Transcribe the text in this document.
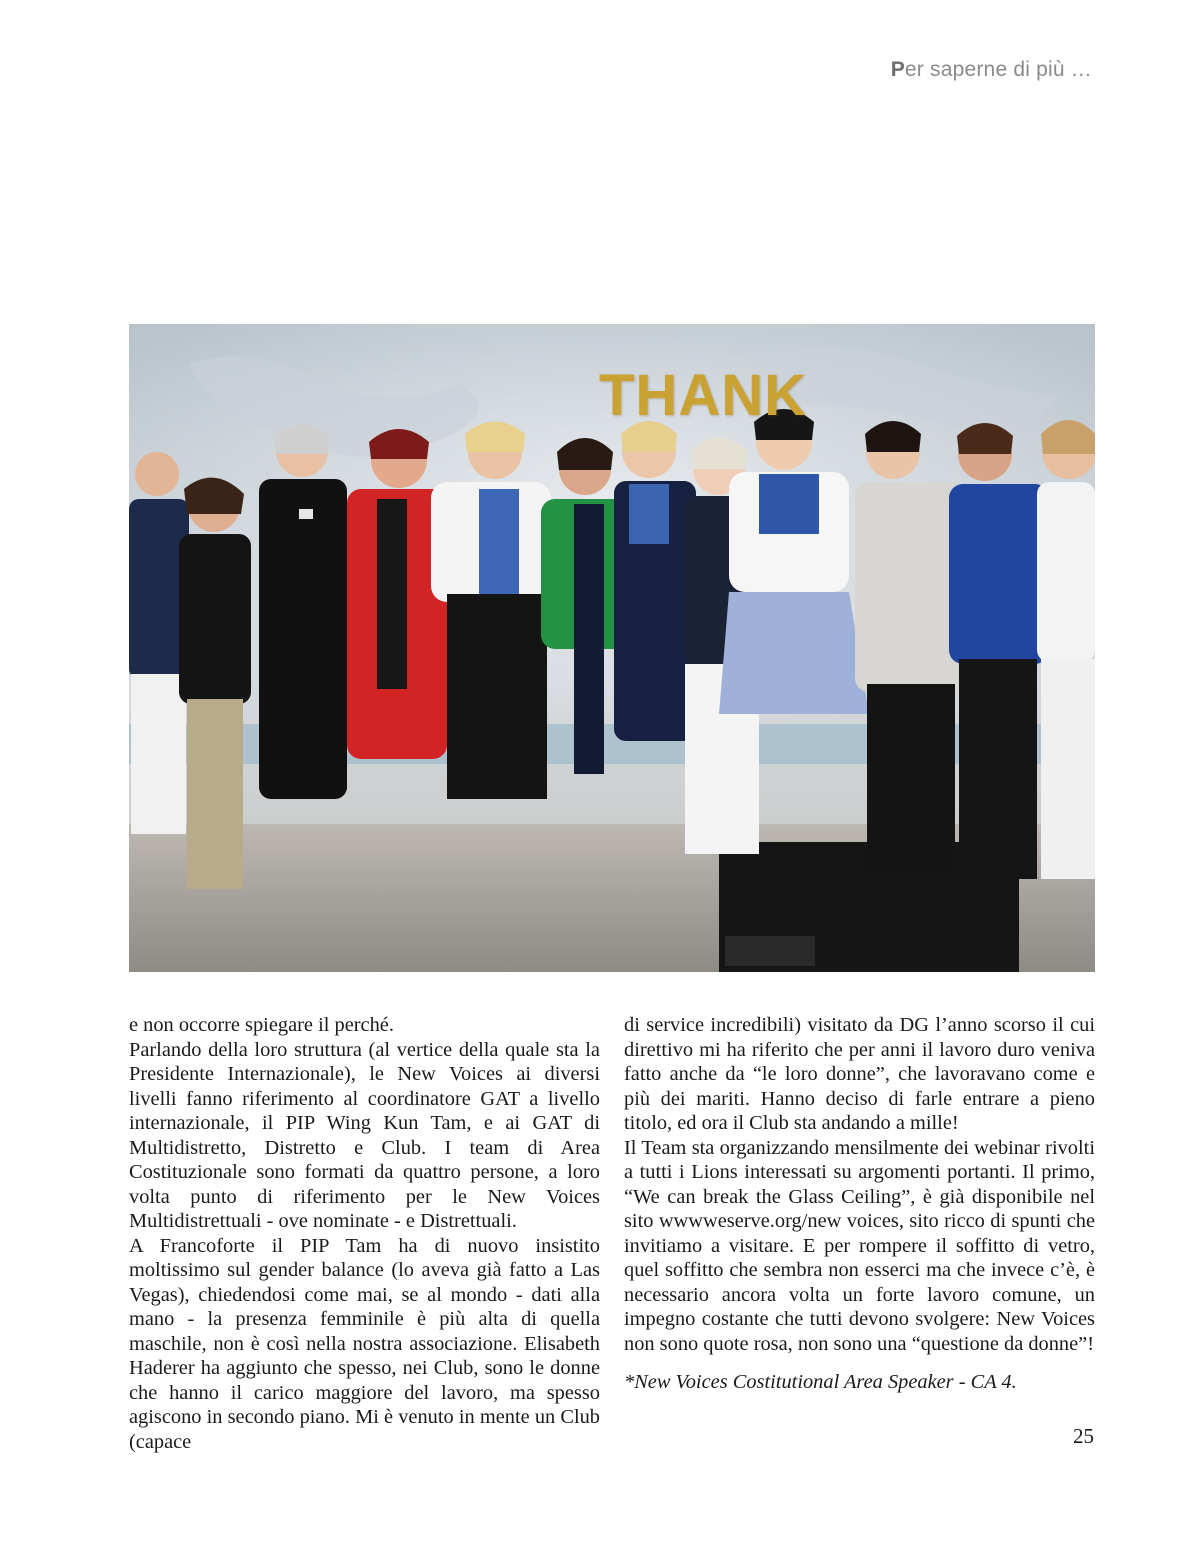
Per saperne di più …
THANK

e non occorre spiegare il perché.

Parlando della loro struttura (al vertice della quale sta la Presidente Internazionale), le New Voices ai diversi livelli fanno riferimento al coordinatore GAT a livello internazionale, il PIP Wing Kun Tam, e ai GAT di Multidistretto, Distretto e Club. I team di Area Costituzionale sono formati da quattro persone, a loro volta punto di riferimento per le New Voices Multidistrettuali - ove nominate - e Distrettuali.

A Francoforte il PIP Tam ha di nuovo insistito moltissimo sul gender balance (lo aveva già fatto a Las Vegas), chiedendosi come mai, se al mondo - dati alla mano - la presenza femminile è più alta di quella maschile, non è così nella nostra associazione. Elisabeth Haderer ha aggiunto che spesso, nei Club, sono le donne che hanno il carico maggiore del lavoro, ma spesso agiscono in secondo piano. Mi è venuto in mente un Club (capace

di service incredibili) visitato da DG l’anno scorso il cui direttivo mi ha riferito che per anni il lavoro duro veniva fatto anche da “le loro donne”, che lavoravano come e più dei mariti. Hanno deciso di farle entrare a pieno titolo, ed ora il Club sta andando a mille!

Il Team sta organizzando mensilmente dei webinar rivolti a tutti i Lions interessati su argomenti portanti. Il primo, “We can break the Glass Ceiling”, è già disponibile nel sito wwwweserve.org/new voices, sito ricco di spunti che invitiamo a visitare. E per rompere il soffitto di vetro, quel soffitto che sembra non esserci ma che invece c’è, è necessario ancora volta un forte lavoro comune, un impegno costante che tutti devono svolgere: New Voices non sono quote rosa, non sono una “questione da donne”!

*New Voices Costitutional Area Speaker - CA 4.

25
